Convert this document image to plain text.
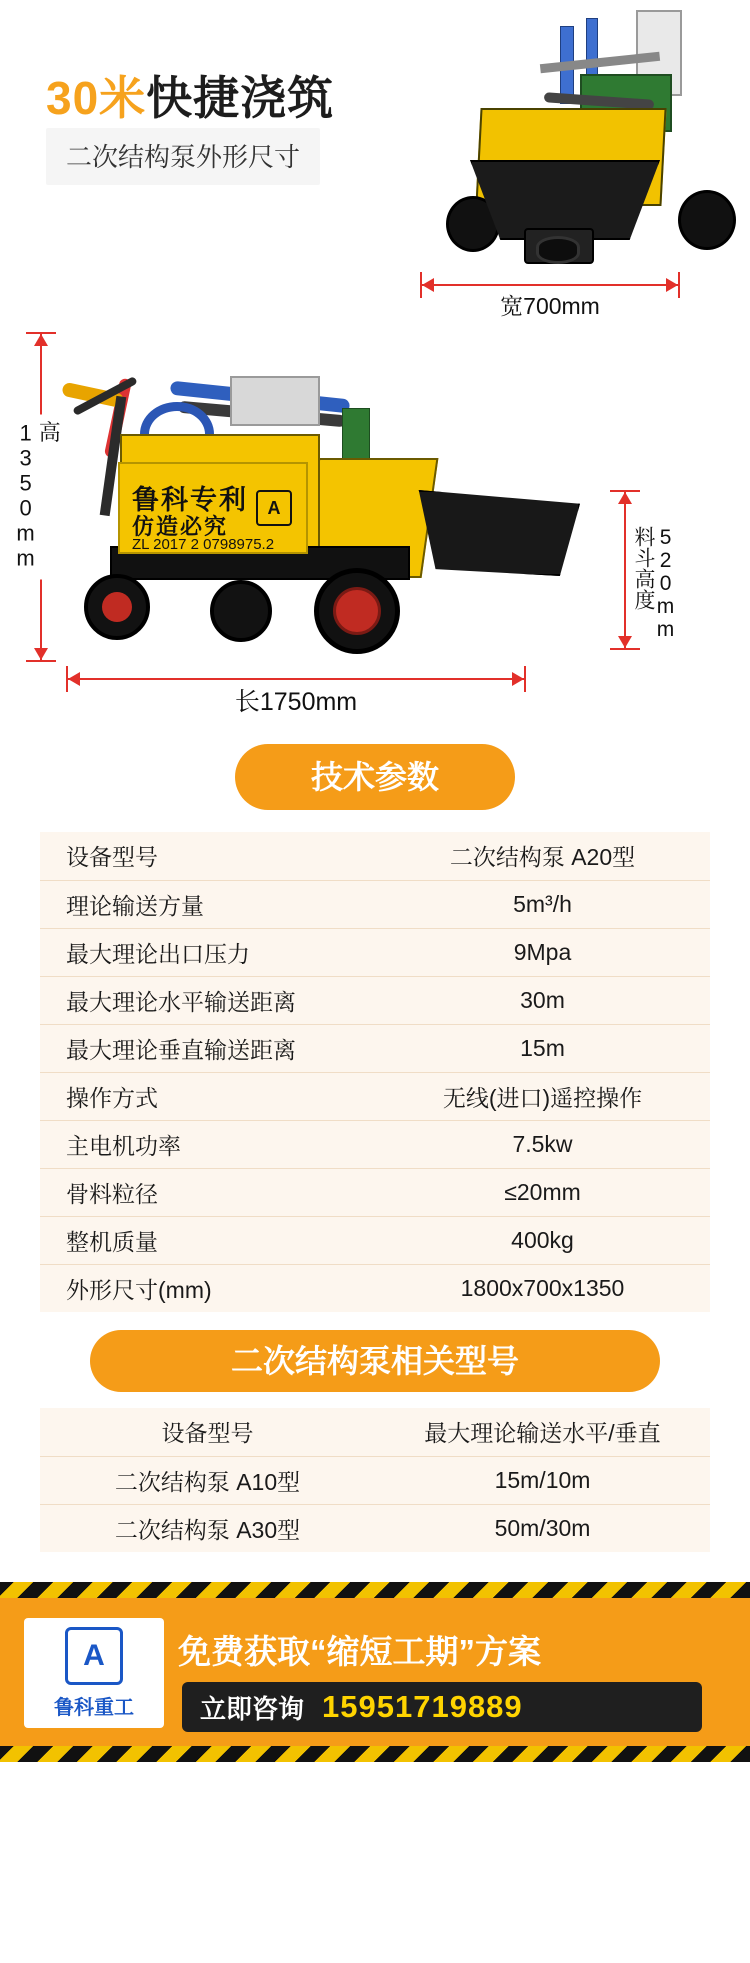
30米快捷浇筑
二次结构泵外形尺寸
宽700mm
高1350mm	鲁科专利
仿造必究
ZL 2017 2 0798975.2
A
520mm
料斗高度
长1750mm
技术参数
设备型号	二次结构泵 A20型
理论输送方量	5m³/h
最大理论出口压力	9Mpa
最大理论水平输送距离	30m
最大理论垂直输送距离	15m
操作方式	无线(进口)遥控操作
主电机功率	7.5kw
骨料粒径	≤20mm
整机质量	400kg
外形尺寸(mm)	1800x700x1350
二次结构泵相关型号
设备型号	最大理论输送水平/垂直
二次结构泵 A10型	15m/10m
二次结构泵 A30型	50m/30m
A
鲁科重工
免费获取“缩短工期”方案
立即咨询 15951719889
